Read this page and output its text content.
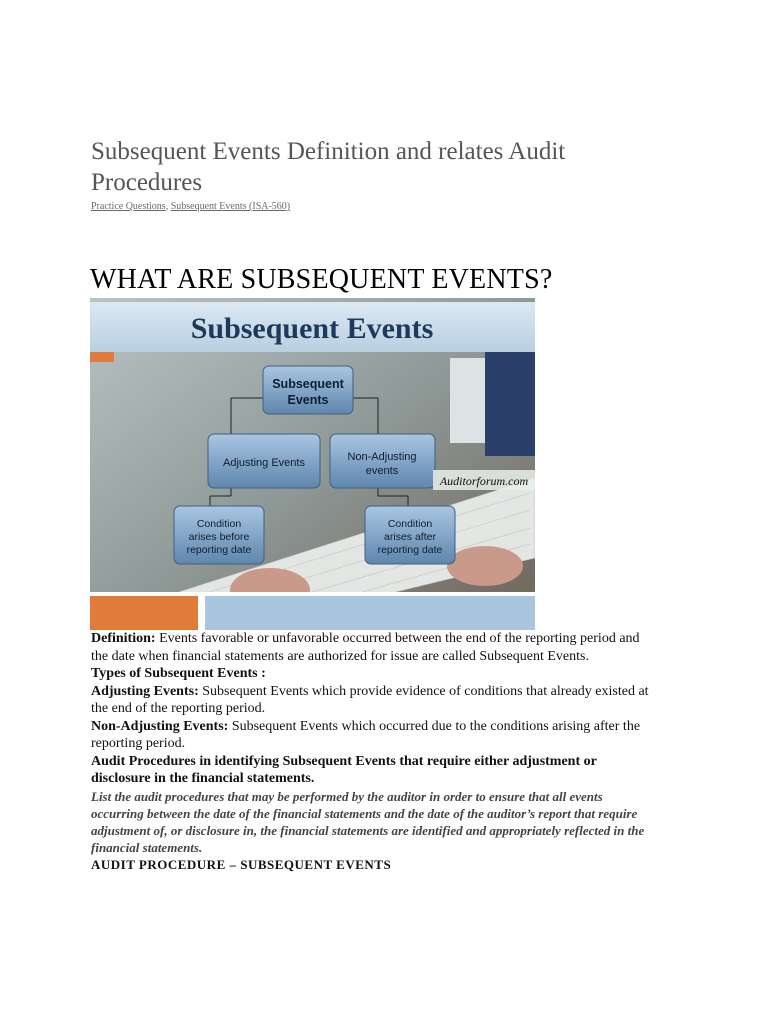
Subsequent Events Definition and relates Audit Procedures
Practice Questions, Subsequent Events (ISA-560)
WHAT ARE SUBSEQUENT EVENTS?
Subsequent Events
Subsequent
Events
Adjusting Events	Non-Adjusting
events
Auditorforum.com
Condition
arises before
reporting date
Condition
arises after
reporting date

Definition: Events favorable or unfavorable occurred between the end of the reporting period and the date when financial statements are authorized for issue are called Subsequent Events.

Types of Subsequent Events :

Adjusting Events: Subsequent Events which provide evidence of conditions that already existed at the end of the reporting period.

Non-Adjusting Events: Subsequent Events which occurred due to the conditions arising after the reporting period.

Audit Procedures in identifying Subsequent Events that require either adjustment or disclosure in the financial statements.

List the audit procedures that may be performed by the auditor in order to ensure that all events occurring between the date of the financial statements and the date of the auditor’s report that require adjustment of, or disclosure in, the financial statements are identified and appropriately reflected in the financial statements.

AUDIT PROCEDURE – SUBSEQUENT EVENTS
